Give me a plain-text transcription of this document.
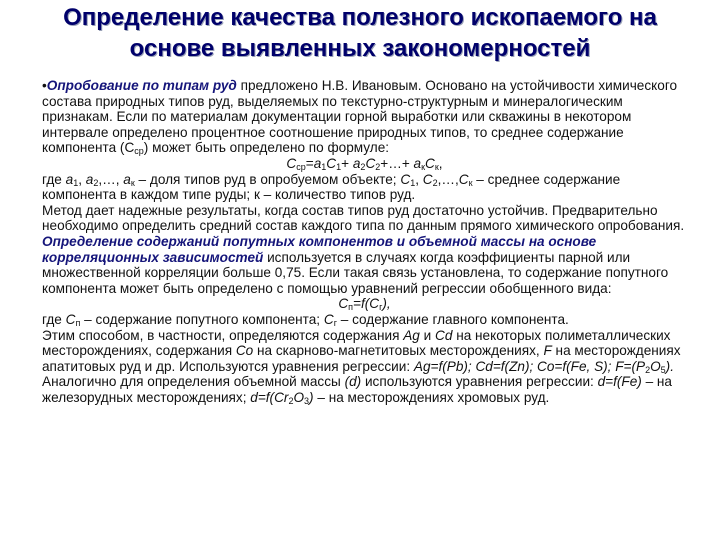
Определение качества полезного ископаемого на
основе выявленных закономерностей

•Опробование по типам руд предложено Н.В. Ивановым. Основано на устойчивости химического состава природных типов руд, выделяемых по текстурно-структурным и минералогическим признакам. Если по материалам документации горной выработки или скважины в некотором интервале определено процентное соотношение природных типов, то среднее содержание компонента $(С_{ср})$ может быть определено по формуле:

$С_{ср}=а_1С_1+$ $а_2С_2+\dots+ а_кС_к$,

где $а_1$, $а_2,\dots$, $а_к$ – доля типов руд в опробуемом объекте; $С_1$, $С_2,\dots,С_к$ – среднее содержание компонента в каждом типе руды; к – количество типов руд.

Метод дает надежные результаты, когда состав типов руд достаточно устойчив. Предварительно необходимо определить средний состав каждого типа по данным прямого химического опробования.

Определение содержаний попутных компонентов и объемной массы на основе корреляционных зависимостей используется в случаях когда коэффициенты парной или множественной корреляции больше 0,75. Если такая связь установлена, то содержание попутного компонента может быть определено с помощью уравнений регрессии обобщенного вида:

$С_п=f(С_г)$,

где $С_п$ – содержание попутного компонента; $С_г$ – содержание главного компонента.

Этим способом, в частности, определяются содержания Ag и Cd на некоторых полиметаллических месторождениях, содержания Co на скарново-магнетитовых месторождениях, F на месторождениях апатитовых руд и др. Используются уравнения регрессии: Ag=f(Pb); Cd=f(Zn); Co=f(Fe, S); $F=(P_2O_5)$. Аналогично для определения объемной массы (d) используются уравнения регрессии: d=f(Fe) – на железорудных месторождениях; $d=f(Cr_2O_3)$ – на месторождениях хромовых руд.
